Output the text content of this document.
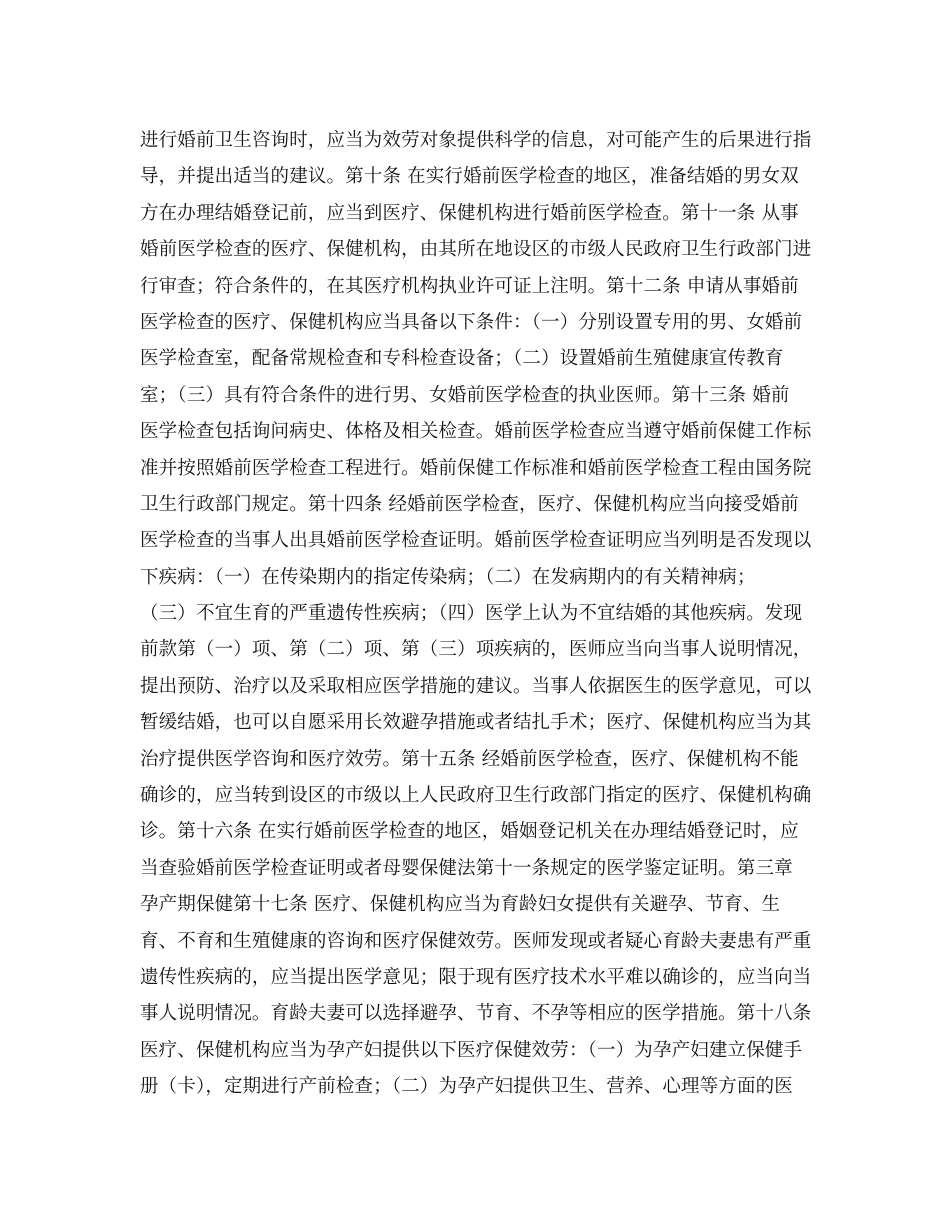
进行婚前卫生咨询时，应当为效劳对象提供科学的信息，对可能产生的后果进行指
导，并提出适当的建议。第十条 在实行婚前医学检查的地区，准备结婚的男女双
方在办理结婚登记前，应当到医疗、保健机构进行婚前医学检查。第十一条 从事
婚前医学检查的医疗、保健机构，由其所在地设区的市级人民政府卫生行政部门进
行审查；符合条件的，在其医疗机构执业许可证上注明。第十二条 申请从事婚前
医学检查的医疗、保健机构应当具备以下条件：（一）分别设置专用的男、女婚前
医学检查室，配备常规检查和专科检查设备；（二）设置婚前生殖健康宣传教育
室；（三）具有符合条件的进行男、女婚前医学检查的执业医师。第十三条 婚前
医学检查包括询问病史、体格及相关检查。婚前医学检查应当遵守婚前保健工作标
准并按照婚前医学检查工程进行。婚前保健工作标准和婚前医学检查工程由国务院
卫生行政部门规定。第十四条 经婚前医学检查，医疗、保健机构应当向接受婚前
医学检查的当事人出具婚前医学检查证明。婚前医学检查证明应当列明是否发现以
下疾病：（一）在传染期内的指定传染病；（二）在发病期内的有关精神病；
（三）不宜生育的严重遗传性疾病；（四）医学上认为不宜结婚的其他疾病。发现
前款第（一）项、第（二）项、第（三）项疾病的，医师应当向当事人说明情况，
提出预防、治疗以及采取相应医学措施的建议。当事人依据医生的医学意见，可以
暂缓结婚，也可以自愿采用长效避孕措施或者结扎手术；医疗、保健机构应当为其
治疗提供医学咨询和医疗效劳。第十五条 经婚前医学检查，医疗、保健机构不能
确诊的，应当转到设区的市级以上人民政府卫生行政部门指定的医疗、保健机构确
诊。第十六条 在实行婚前医学检查的地区，婚姻登记机关在办理结婚登记时，应
当查验婚前医学检查证明或者母婴保健法第十一条规定的医学鉴定证明。第三章
孕产期保健第十七条 医疗、保健机构应当为育龄妇女提供有关避孕、节育、生
育、不育和生殖健康的咨询和医疗保健效劳。医师发现或者疑心育龄夫妻患有严重
遗传性疾病的，应当提出医学意见；限于现有医疗技术水平难以确诊的，应当向当
事人说明情况。育龄夫妻可以选择避孕、节育、不孕等相应的医学措施。第十八条
医疗、保健机构应当为孕产妇提供以下医疗保健效劳：（一）为孕产妇建立保健手
册（卡），定期进行产前检查；（二）为孕产妇提供卫生、营养、心理等方面的医
